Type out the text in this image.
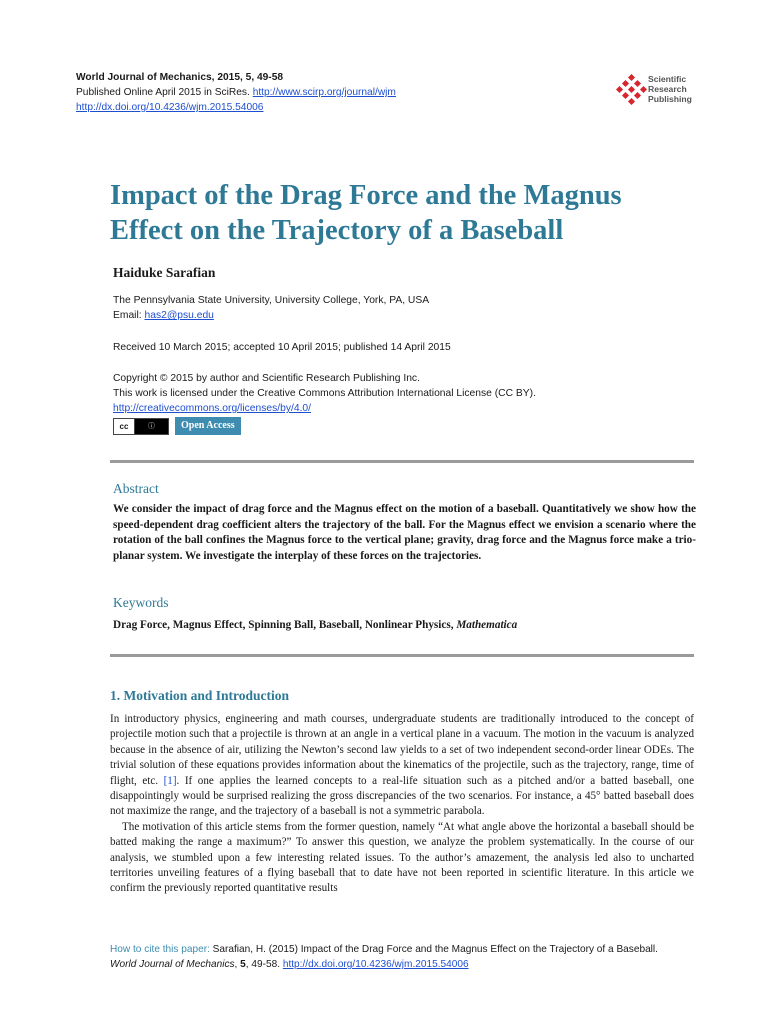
World Journal of Mechanics, 2015, 5, 49-58
Published Online April 2015 in SciRes. http://www.scirp.org/journal/wjm
http://dx.doi.org/10.4236/wjm.2015.54006
Scientific
Research
Publishing
Impact of the Drag Force and the Magnus Effect on the Trajectory of a Baseball
Haiduke Sarafian
The Pennsylvania State University, University College, York, PA, USA
Email: has2@psu.edu
Received 10 March 2015; accepted 10 April 2015; published 14 April 2015
Copyright © 2015 by author and Scientific Research Publishing Inc.
This work is licensed under the Creative Commons Attribution International License (CC BY).
http://creativecommons.org/licenses/by/4.0/
cc	ⓘ	Open Access
Abstract

We consider the impact of drag force and the Magnus effect on the motion of a baseball. Quantitatively we show how the speed-dependent drag coefficient alters the trajectory of the ball. For the Magnus effect we envision a scenario where the rotation of the ball confines the Magnus force to the vertical plane; gravity, drag force and the Magnus force make a trio-planar system. We investigate the interplay of these forces on the trajectories.

Keywords
Drag Force, Magnus Effect, Spinning Ball, Baseball, Nonlinear Physics, Mathematica
1. Motivation and Introduction

In introductory physics, engineering and math courses, undergraduate students are traditionally introduced to the concept of projectile motion such that a projectile is thrown at an angle in a vertical plane in a vacuum. The motion in the vacuum is analyzed because in the absence of air, utilizing the Newton’s second law yields to a set of two independent second-order linear ODEs. The trivial solution of these equations provides information about the kinematics of the projectile, such as the trajectory, range, time of flight, etc. [1]. If one applies the learned concepts to a real-life situation such as a pitched and/or a batted baseball, one disappointingly would be surprised realizing the gross discrepancies of the two scenarios. For instance, a 45° batted baseball does not maximize the range, and the trajectory of a baseball is not a symmetric parabola.

The motivation of this article stems from the former question, namely “At what angle above the horizontal a baseball should be batted making the range a maximum?” To answer this question, we analyze the problem systematically. In the course of our analysis, we stumbled upon a few interesting related issues. To the author’s amazement, the analysis led also to uncharted territories unveiling features of a flying baseball that to date have not been reported in scientific literature. In this article we confirm the previously reported quantitative results

How to cite this paper: Sarafian, H. (2015) Impact of the Drag Force and the Magnus Effect on the Trajectory of a Baseball.
World Journal of Mechanics, 5, 49-58. http://dx.doi.org/10.4236/wjm.2015.54006
